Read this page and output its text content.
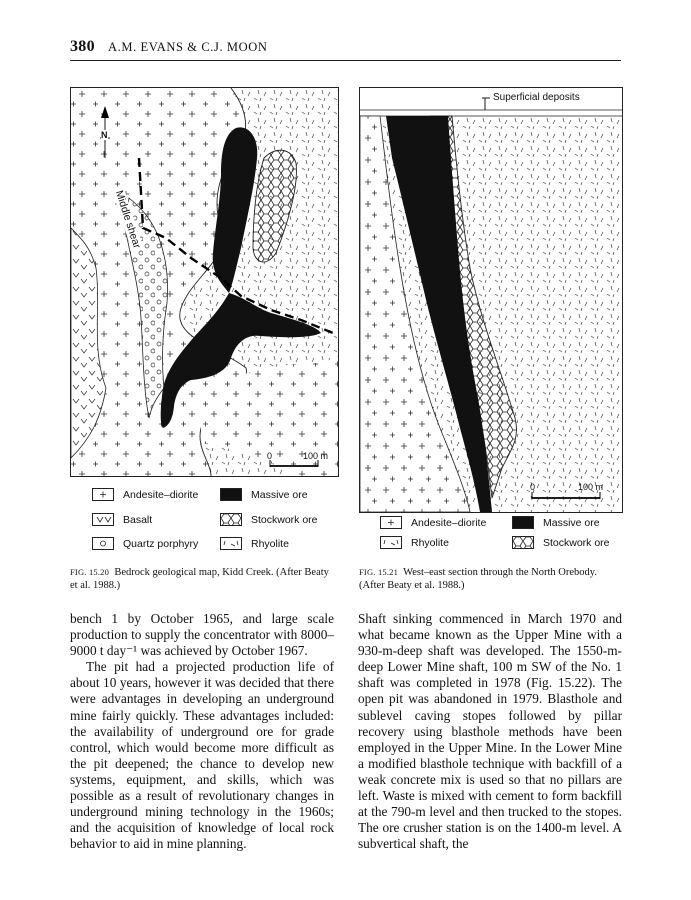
380 A.M. EVANS & C.J. MOON
N
Middle shear
0	100 m
Andesite–diorite	Massive ore
Basalt	Stockwork ore
Quartz porphyry	Rhyolite
FIG. 15.20 Bedrock geological map, Kidd Creek. (After Beaty et al. 1988.)
Superficial deposits
0	100 m
Andesite–diorite	Massive ore
Rhyolite	Stockwork ore
FIG. 15.21 West–east section through the North Orebody. (After Beaty et al. 1988.)

bench 1 by October 1965, and large scale production to supply the concentrator with 8000–9000 t day⁻¹ was achieved by October 1967.

The pit had a projected production life of about 10 years, however it was decided that there were advantages in developing an underground mine fairly quickly. These advantages included: the availability of underground ore for grade control, which would become more difficult as the pit deepened; the chance to develop new systems, equipment, and skills, which was possible as a result of revolutionary changes in underground mining technology in the 1960s; and the acquisition of knowledge of local rock behavior to aid in mine planning.

Shaft sinking commenced in March 1970 and what became known as the Upper Mine with a 930-m-deep shaft was developed. The 1550-m-deep Lower Mine shaft, 100 m SW of the No. 1 shaft was completed in 1978 (Fig. 15.22). The open pit was abandoned in 1979. Blasthole and sublevel caving stopes followed by pillar recovery using blasthole methods have been employed in the Upper Mine. In the Lower Mine a modified blasthole technique with backfill of a weak concrete mix is used so that no pillars are left. Waste is mixed with cement to form backfill at the 790-m level and then trucked to the stopes. The ore crusher station is on the 1400-m level. A subvertical shaft, the
